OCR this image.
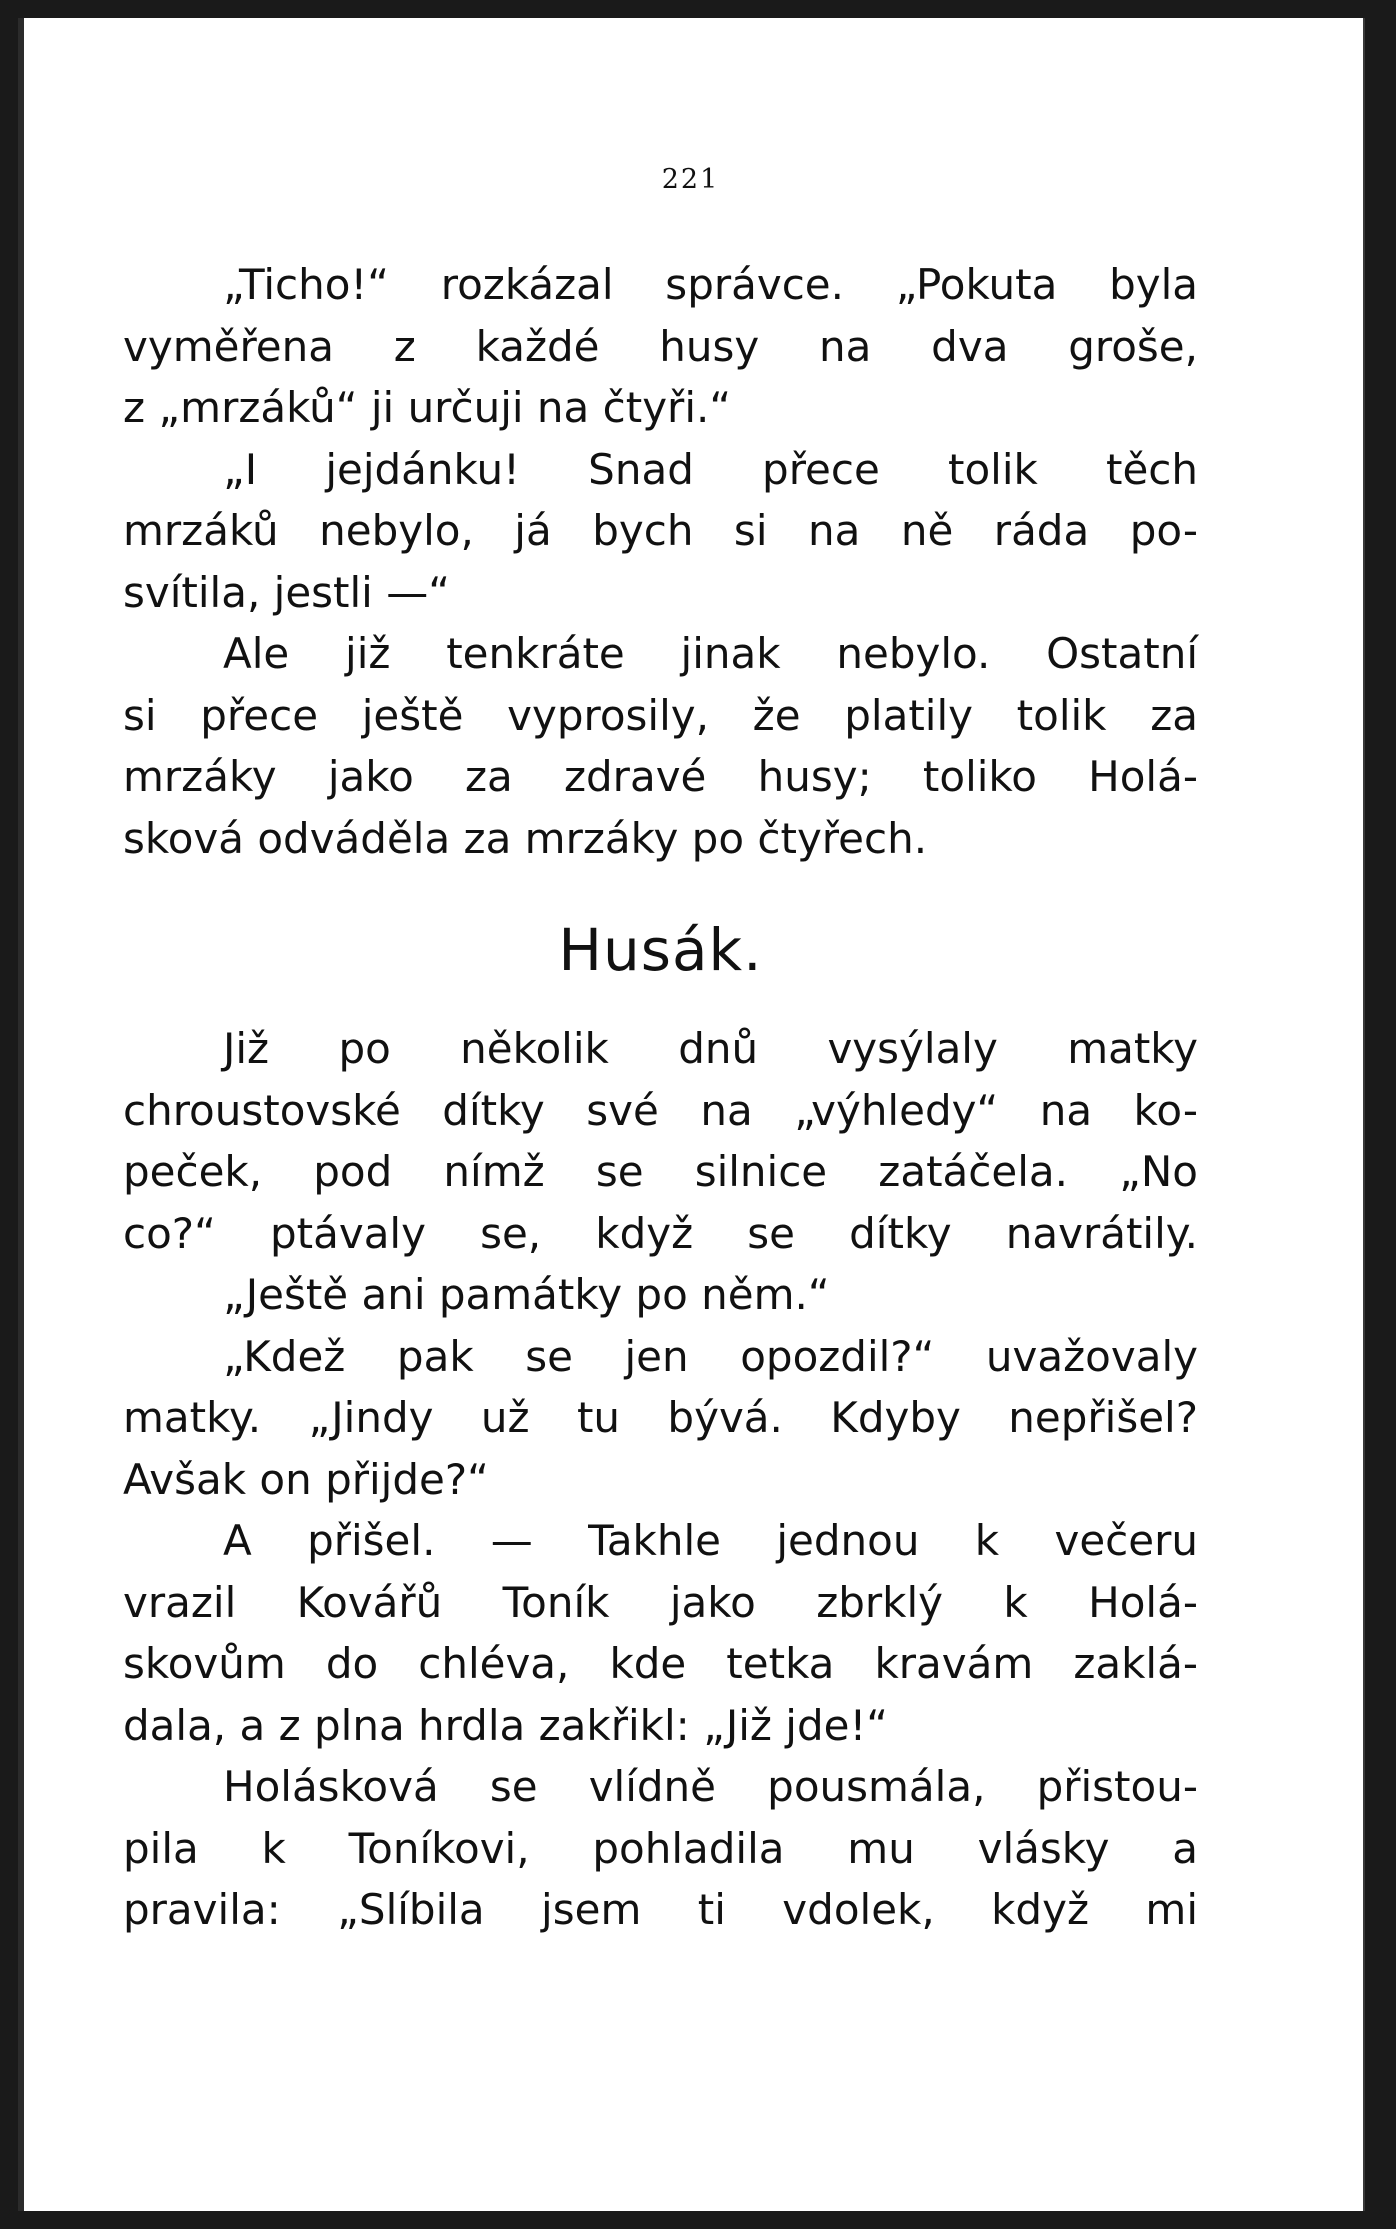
221
„Ticho!“ rozkázal správce. „Pokuta byla
vyměřena z každé husy na dva groše,
z „mrzáků“ ji určuji na čtyři.“
„I jejdánku! Snad přece tolik těch
mrzáků nebylo, já bych si na ně ráda po-
svítila, jestli —“
Ale již tenkráte jinak nebylo. Ostatní
si přece ještě vyprosily, že platily tolik za
mrzáky jako za zdravé husy; toliko Holá-
sková odváděla za mrzáky po čtyřech.
Husák.
Již po několik dnů vysýlaly matky
chroustovské dítky své na „výhledy“ na ko-
peček, pod nímž se silnice zatáčela. „No
co?“ ptávaly se, když se dítky navrátily.
„Ještě ani památky po něm.“
„Kdež pak se jen opozdil?“ uvažovaly
matky. „Jindy už tu bývá. Kdyby nepřišel?
Avšak on přijde?“
A přišel. — Takhle jednou k večeru
vrazil Kovářů Toník jako zbrklý k Holá-
skovům do chléva, kde tetka kravám zaklá-
dala, a z plna hrdla zakřikl: „Již jde!“
Holásková se vlídně pousmála, přistou-
pila k Toníkovi, pohladila mu vlásky a
pravila: „Slíbila jsem ti vdolek, když mi
